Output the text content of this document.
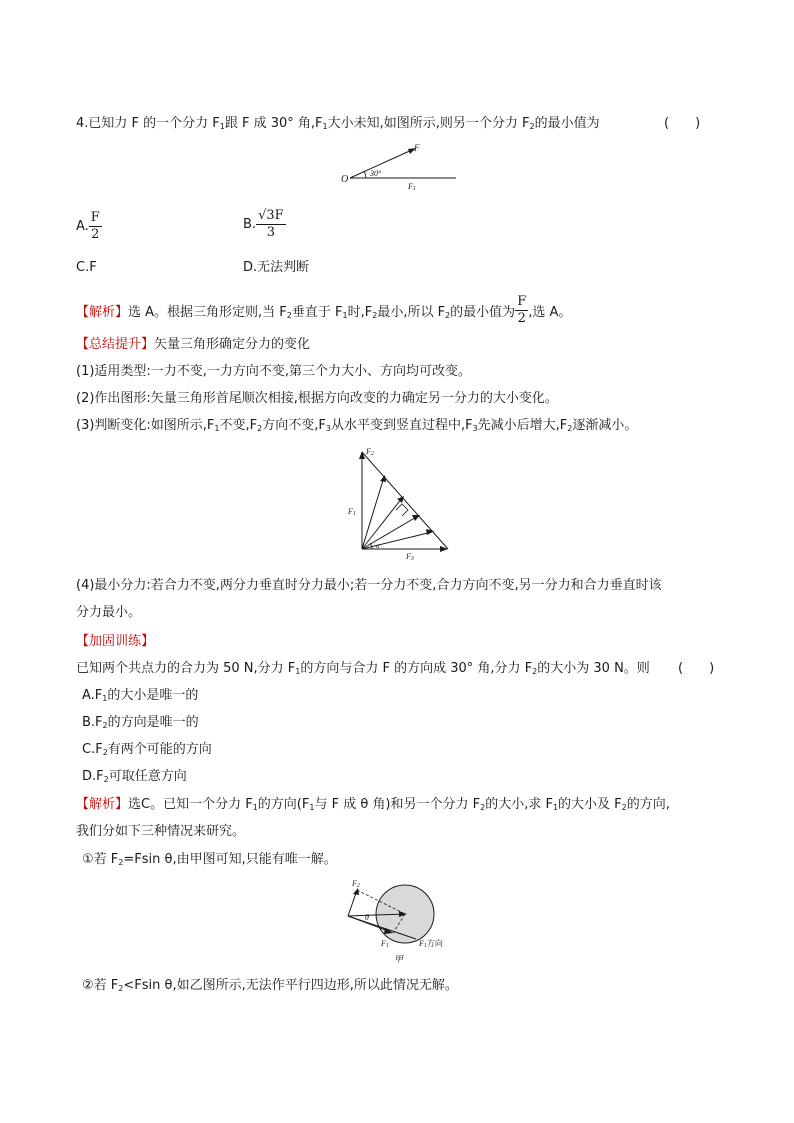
4.已知力 F 的一个分力 $F_1$跟 F 成 30° 角$,F_1$大小未知,如图所示,则另一个分力 $F_2$的最小值为	(　　)
F
O
30°
F1
A. $\frac{F}{2}$	B. $\frac{√3F}{3}$
C.F	D.无法判断
【解析】选 A。根据三角形定则,当 $F_2$垂直于 $F_1$时$,F_2$最小,所以 $F_2$的最小值为 $\frac{F}{2}$ ,选 A。
【总结提升】矢量三角形确定分力的变化
(1)适用类型:一力不变,一力方向不变,第三个力大小、方向均可改变。
(2)作出图形:矢量三角形首尾顺次相接,根据方向改变的力确定另一分力的大小变化。
(3)判断变化:如图所示$,F_1$不变$,F_2$方向不变$,F_3$从水平变到竖直过程中$,F_3$先减小后增大$,F_2$逐渐减小。
F2
F1
F3
α
(4)最小分力:若合力不变,两分力垂直时分力最小;若一分力不变,合力方向不变,另一分力和合力垂直时该
分力最小。
【加固训练】
已知两个共点力的合力为 50 N,分力 $F_1$的方向与合力 F 的方向成 30° 角,分力 $F_2$的大小为 30 N。则 (　　)
$A.F_1$的大小是唯一的
$B.F_2$的方向是唯一的
$C.F_2$有两个可能的方向
$D.F_2$可取任意方向
【解析】选C。已知一个分力 $F_1$的方向($F_1$与 F 成 θ 角)和另一个分力 $F_2$的大小,求 $F_1$的大小及 $F_2$的方向,
我们分如下三种情况来研究。
①若 $F_2=Fsin$ θ,由甲图可知,只能有唯一解。
F2
θ
F1	F1方向
甲
②若 $F_2<Fsin$ θ,如乙图所示,无法作平行四边形,所以此情况无解。
